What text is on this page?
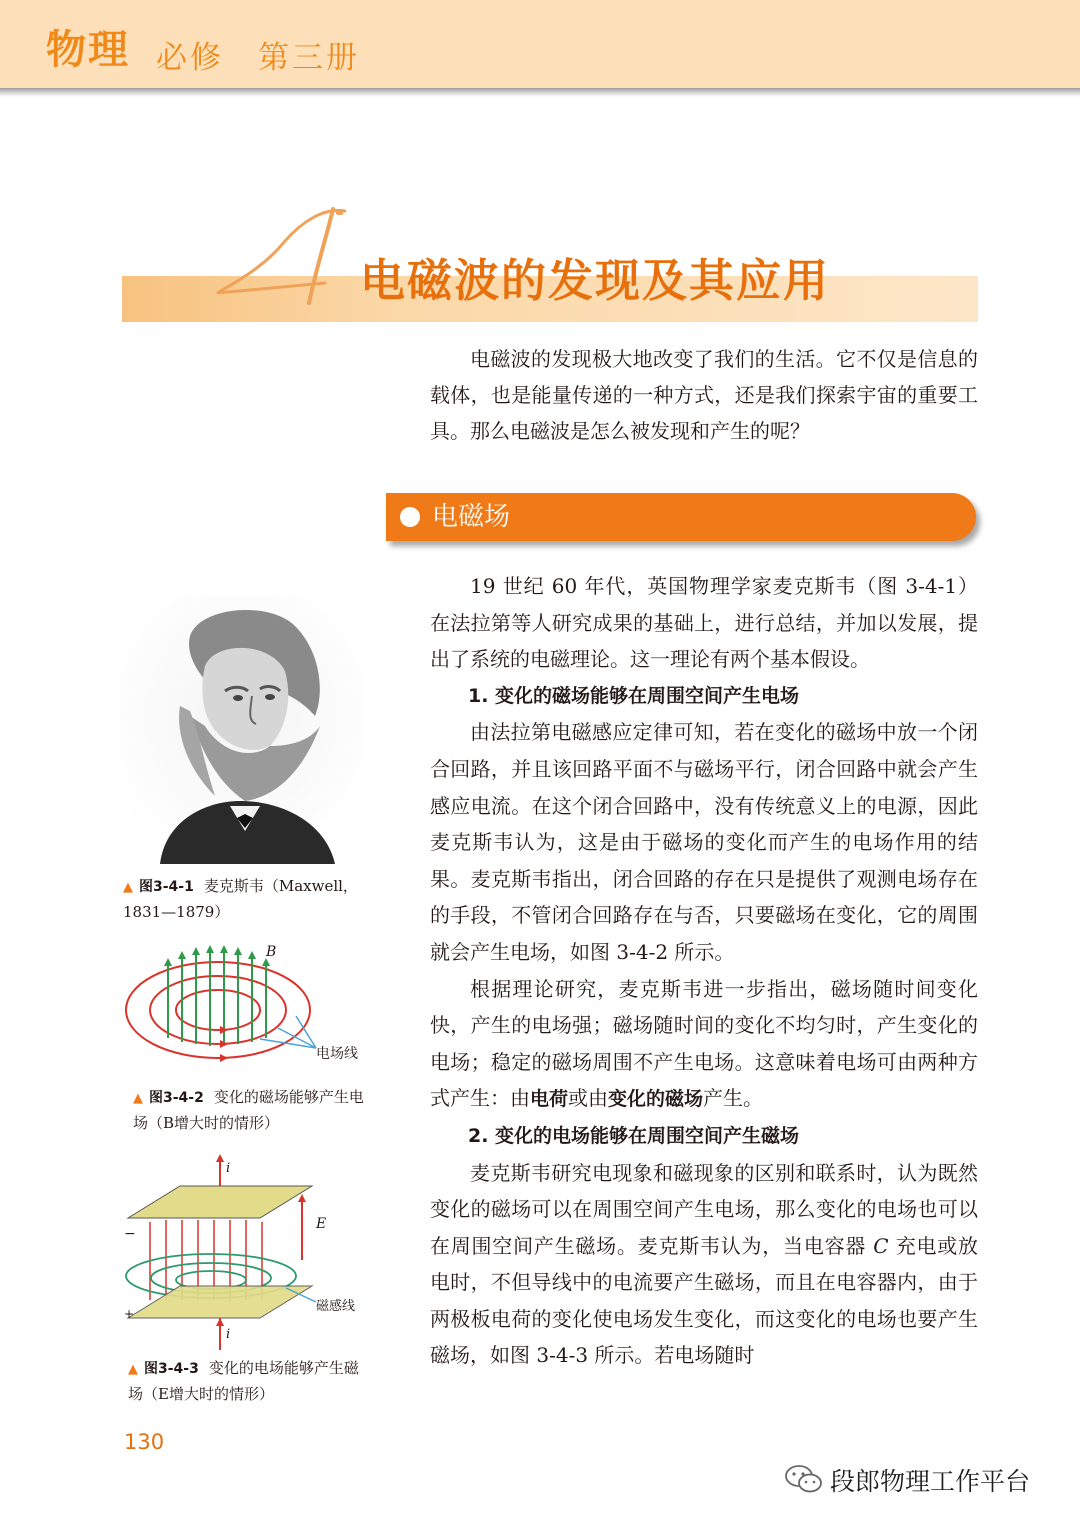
物理 必修　第三册
4
电磁波的发现及其应用

电磁波的发现极大地改变了我们的生活。它不仅是信息的载体，也是能量传递的一种方式，还是我们探索宇宙的重要工具。那么电磁波是怎么被发现和产生的呢？

电磁场

19 世纪 60 年代，英国物理学家麦克斯韦（图 3-4-1）在法拉第等人研究成果的基础上，进行总结，并加以发展，提出了系统的电磁理论。这一理论有两个基本假设。

1. 变化的磁场能够在周围空间产生电场

由法拉第电磁感应定律可知，若在变化的磁场中放一个闭合回路，并且该回路平面不与磁场平行，闭合回路中就会产生感应电流。在这个闭合回路中，没有传统意义上的电源，因此麦克斯韦认为，这是由于磁场的变化而产生的电场作用的结果。麦克斯韦指出，闭合回路的存在只是提供了观测电场存在的手段，不管闭合回路存在与否，只要磁场在变化，它的周围就会产生电场，如图 3-4-2 所示。

根据理论研究，麦克斯韦进一步指出，磁场随时间变化快，产生的电场强；磁场随时间的变化不均匀时，产生变化的电场；稳定的磁场周围不产生电场。这意味着电场可由两种方式产生：由电荷或由变化的磁场产生。

2. 变化的电场能够在周围空间产生磁场

麦克斯韦研究电现象和磁现象的区别和联系时，认为既然变化的磁场可以在周围空间产生电场，那么变化的电场也可以在周围空间产生磁场。麦克斯韦认为，当电容器 C 充电或放电时，不但导线中的电流要产生磁场，而且在电容器内，由于两极板电荷的变化使电场发生变化，而这变化的电场也要产生磁场，如图 3-4-3 所示。若电场随时

▲ 图3-4-1 麦克斯韦（Maxwell，1831—1879）
B
电场线
▲ 图3-4-2 变化的磁场能够产生电场（B增大时的情形）
−
+
i
i
E
磁感线
▲ 图3-4-3 变化的电场能够产生磁场（E增大时的情形）
130
段郎物理工作平台
